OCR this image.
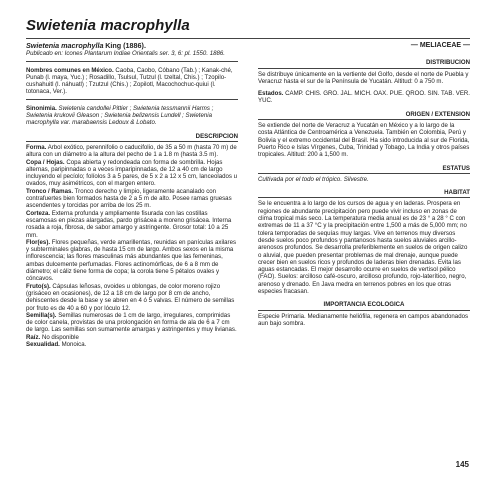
Swietenia macrophylla

Swietenia macrophylla King (1886).

Publicado en: Icones Plantarum Indiae Orientalis ser. 3, 6: pl. 1550. 1886.

Nombres comunes en México. Caoba, Caobo, Cóbano (Tab.) ; Kanak-ché, Punab (l. maya, Yuc.) ; Rosadillo, Tsulsul, Tutzul (l. tzeltal, Chis.) ; Tzopilo-cushahuitl (l. náhuatl) ; Tzutzul (Chis.) ; Zopilotl, Macochochuc-quiui (l. totonaca, Ver.).

Sinonimia. Swietenia candollei Pittier ; Swietenia tessmannii Harms ; Swietenia krukovii Gleason ; Swietenia belizensis Lundell ; Swietenia macrophylla var. marabaensis Ledoux & Lobato.

DESCRIPCION

Forma. Arbol exótico, perennifolio o caducifolio, de 35 a 50 m (hasta 70 m) de altura con un diámetro a la altura del pecho de 1 a 1.8 m (hasta 3.5 m).

Copa / Hojas. Copa abierta y redondeada con forma de sombrilla. Hojas alternas, paripinnadas o a veces imparipinnadas, de 12 a 40 cm de largo incluyendo el pecíolo; folíolos 3 a 5 pares, de 5 x 2 a 12 x 5 cm, lanceolados u ovados, muy asimétricos, con el margen entero.

Tronco / Ramas. Tronco derecho y limpio, ligeramente acanalado con contrafuertes bien formados hasta de 2 a 5 m de alto. Posee ramas gruesas ascendentes y torcidas por arriba de los 25 m.

Corteza. Externa profunda y ampliamente fisurada con las costillas escamosas en piezas alargadas, pardo grisácea a moreno grisácea. Interna rosada a roja, fibrosa, de sabor amargo y astringente. Grosor total: 10 a 25 mm.

Flor(es). Flores pequeñas, verde amarillentas, reunidas en panículas axilares y subterminales glabras, de hasta 15 cm de largo. Ambos sexos en la misma inflorescencia; las flores masculinas más abundantes que las femeninas, ambas dulcemente perfumadas. Flores actinomórficas, de 6 a 8 mm de diámetro; el cáliz tiene forma de copa; la corola tiene 5 pétalos ovales y cóncavos.

Fruto(s). Cápsulas leñosas, ovoides u oblongas, de color moreno rojizo (grisáceo en ocasiones), de 12 a 18 cm de largo por 8 cm de ancho, dehiscentes desde la base y se abren en 4 ó 5 valvas. El número de semillas por fruto es de 40 a 60 y por lóculo 12.

Semilla(s). Semillas numerosas de 1 cm de largo, irregulares, comprimidas de color canela, provistas de una prolongación en forma de ala de 6 a 7 cm de largo. Las semillas son sumamente amargas y astringentes y muy livianas.

Raíz. No disponible

Sexualidad. Monoica.

— MELIACEAE —
DISTRIBUCION

Se distribuye únicamente en la vertiente del Golfo, desde el norte de Puebla y Veracruz hasta el sur de la Península de Yucatán. Altitud: 0 a 750 m.

Estados. CAMP. CHIS. GRO. JAL. MICH. OAX. PUE. QROO. SIN. TAB. VER. YUC.

ORIGEN / EXTENSION

Se extiende del norte de Veracruz a Yucatán en México y a lo largo de la costa Atlántica de Centroamérica a Venezuela. También en Colombia, Perú y Bolivia y el extremo occidental del Brasil. Ha sido introducida al sur de Florida, Puerto Rico e Islas Vírgenes, Cuba, Trinidad y Tobago, La India y otros países tropicales. Altitud: 200 a 1,500 m.

ESTATUS

Cultivada por el todo el trópico. Silvestre.

HABITAT

Se le encuentra a lo largo de los cursos de agua y en laderas. Prospera en regiones de abundante precipitación pero puede vivir incluso en zonas de clima tropical más seco. La temperatura media anual es de 23 ° a 28 ° C con extremas de 11 a 37 °C y la precipitación entre 1,500 a más de 5,000 mm; no tolera temporadas de sequías muy largas. Vive en terrenos muy diversos desde suelos poco profundos y pantanosos hasta suelos aluviales arcillo-arenosos profundos. Se desarrolla preferiblemente en suelos de origen calizo o aluvial, que pueden presentar problemas de mal drenaje, aunque puede crecer bien en suelos ricos y profundos de laderas bien drenadas. Evita las aguas estancadas. El mejor desarrollo ocurre en suelos de vertisol pélico (FAO). Suelos: arcilloso café-oscuro, arcilloso profundo, rojo-laterítico, negro, arenoso y drenado. En Java medra en terrenos pobres en los que otras especies fracasan.

IMPORTANCIA ECOLOGICA

Especie Primaria. Medianamente heliófila, regenera en campos abandonados aun bajo sombra.

145
